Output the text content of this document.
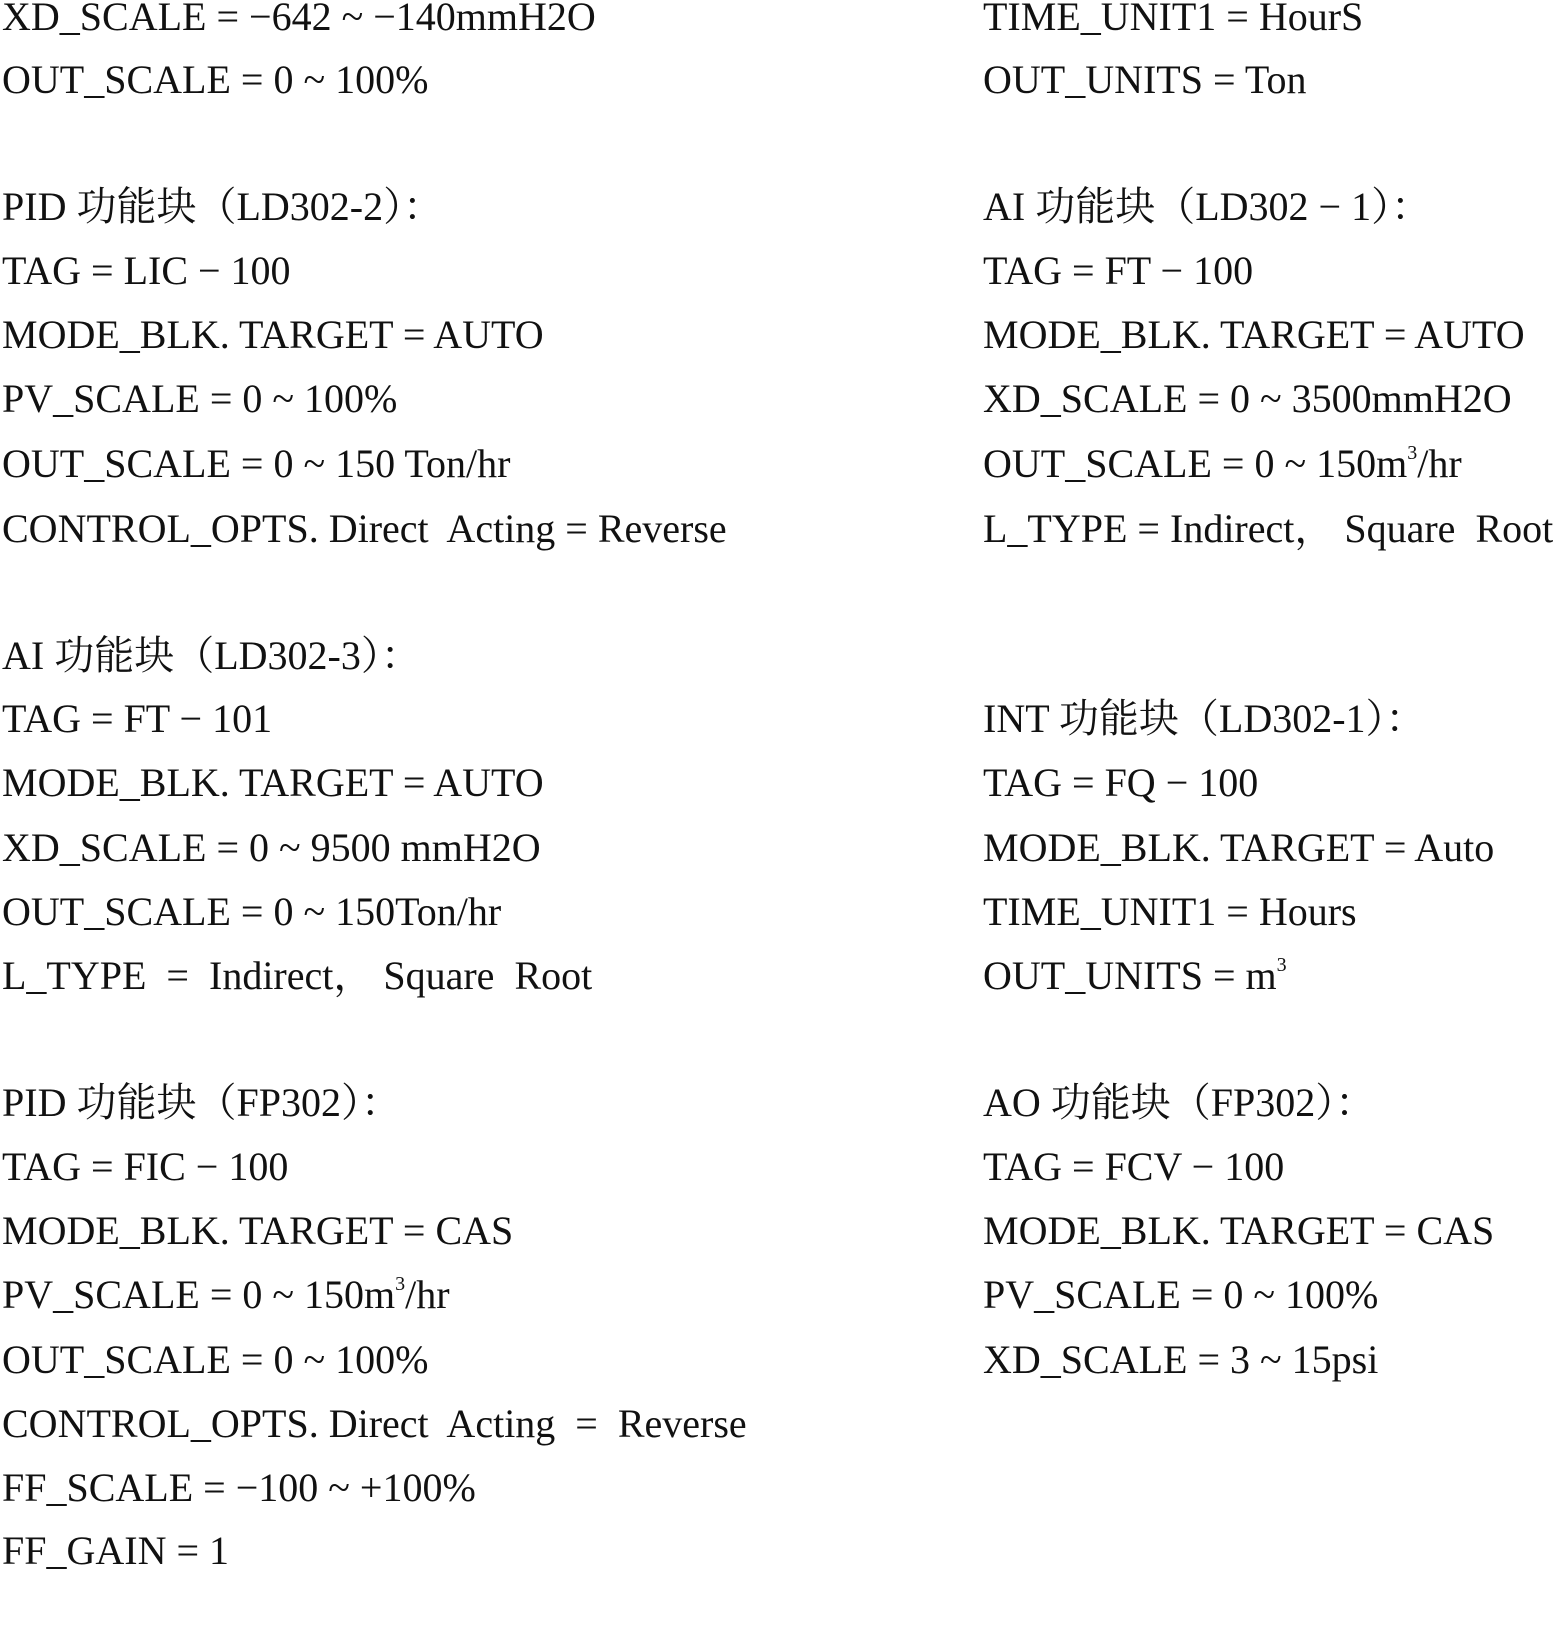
XD_SCALE = −642 ~ −140mmH2O
OUT_SCALE = 0 ~ 100%
PID 功能块（LD302-2）：
TAG = LIC − 100
MODE_BLK. TARGET = AUTO
PV_SCALE = 0 ~ 100%
OUT_SCALE = 0 ~ 150 Ton/hr
CONTROL_OPTS. Direct  Acting = Reverse
AI 功能块（LD302-3）：
TAG = FT − 101
MODE_BLK. TARGET = AUTO
XD_SCALE = 0 ~ 9500 mmH2O
OUT_SCALE = 0 ~ 150Ton/hr
L_TYPE  =  Indirect， Square  Root
PID 功能块（FP302）：
TAG = FIC − 100
MODE_BLK. TARGET = CAS
PV_SCALE = 0 ~ $150m^3/hr$
OUT_SCALE = 0 ~ 100%
CONTROL_OPTS. Direct  Acting  =  Reverse
FF_SCALE = −100 ~ +100%
FF_GAIN = 1
TIME_UNIT1 = HourS
OUT_UNITS = Ton
AI 功能块（LD302 − 1）：
TAG = FT − 100
MODE_BLK. TARGET = AUTO
XD_SCALE = 0 ~ 3500mmH2O
OUT_SCALE = 0 ~ $150m^3/hr$
L_TYPE = Indirect， Square  Root
INT 功能块（LD302-1）：
TAG = FQ − 100
MODE_BLK. TARGET = Auto
TIME_UNIT1 = Hours
OUT_UNITS = $m^3$
AO 功能块（FP302）：
TAG = FCV − 100
MODE_BLK. TARGET = CAS
PV_SCALE = 0 ~ 100%
XD_SCALE = 3 ~ 15psi
